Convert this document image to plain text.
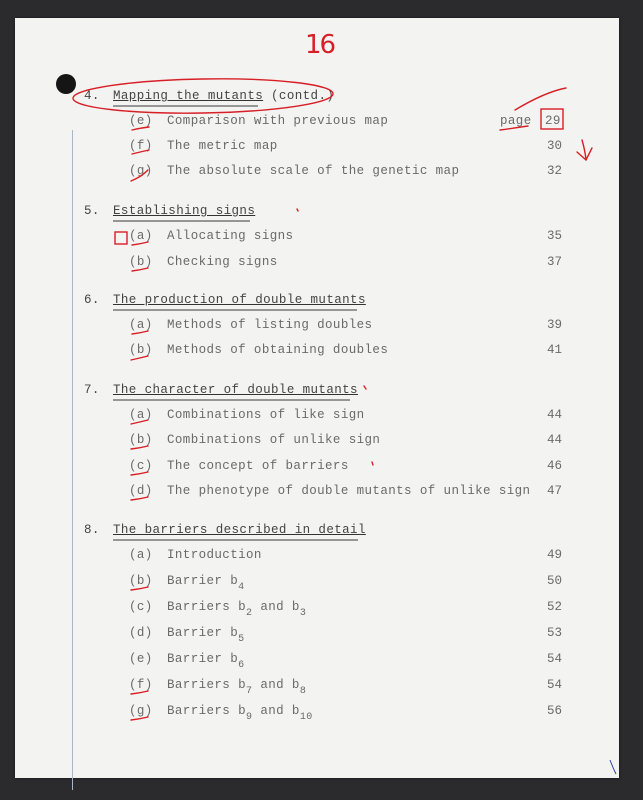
16
4. Mapping the mutants (contd.)
(e) Comparison with previous map	page 29
(f) The metric map	30
(g) The absolute scale of the genetic map	32
5. Establishing signs
(a) Allocating signs	35
(b) Checking signs	37
6. The production of double mutants
(a) Methods of listing doubles	39
(b) Methods of obtaining doubles	41
7. The character of double mutants
(a) Combinations of like sign	44
(b) Combinations of unlike sign	44
(c) The concept of barriers	46
(d) The phenotype of double mutants of unlike sign	47
8. The barriers described in detail
(a) Introduction	49
(b) Barrier $b_4$	50
(c) Barriers $b_2$ and $b_3$	52
(d) Barrier $b_5$	53
(e) Barrier $b_6$	54
(f) Barriers $b_7$ and $b_8$	54
(g) Barriers $b_9$ and $b_{10}$	56
